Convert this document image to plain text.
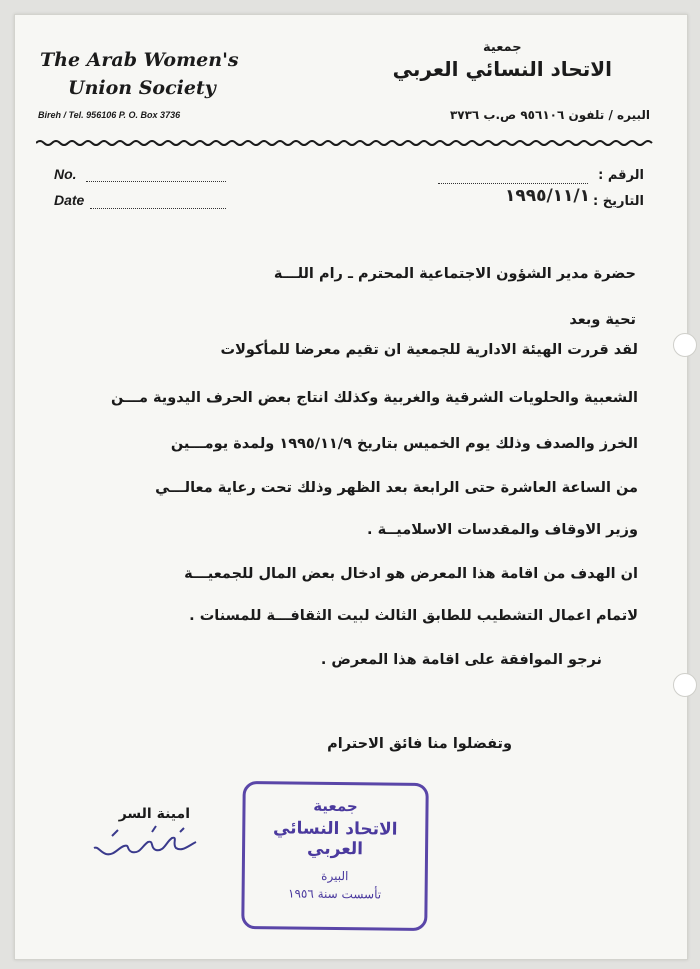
The Arab Women's
Union Society
Bireh / Tel. 956106 P. O. Box 3736
جمعية
الاتحاد النسائي العربي
البيره / تلفون ٩٥٦١٠٦ ص.ب ٣٧٣٦
No.
Date
الرقم :
التاريخ :
١٩٩٥/١١/١
حضرة مدير الشؤون الاجتماعية المحترم ـ رام اللـــة
تحية وبعد
لقد قررت الهيئة الادارية للجمعية ان تقيم معرضا للمأكولات
الشعبية والحلويات الشرقية والغربية وكذلك انتاج بعض الحرف اليدوية مـــن
الخرز والصدف وذلك يوم الخميس بتاريخ ١٩٩٥/١١/٩ ولمدة يومـــين
من الساعة العاشرة حتى الرابعة بعد الظهر وذلك تحت رعاية معالـــي
وزير الاوقاف والمقدسات الاسلاميــة .
ان الهدف من اقامة هذا المعرض هو ادخال بعض المال للجمعيـــة
لاتمام اعمال التشطيب للطابق الثالث لبيت الثقافـــة للمسنات .
نرجو الموافقة على اقامة هذا المعرض .
وتفضلوا منا فائق الاحترام
امينة السر	جمعية
الاتحاد النسائي العربي
البيرة
تأسست سنة ١٩٥٦
